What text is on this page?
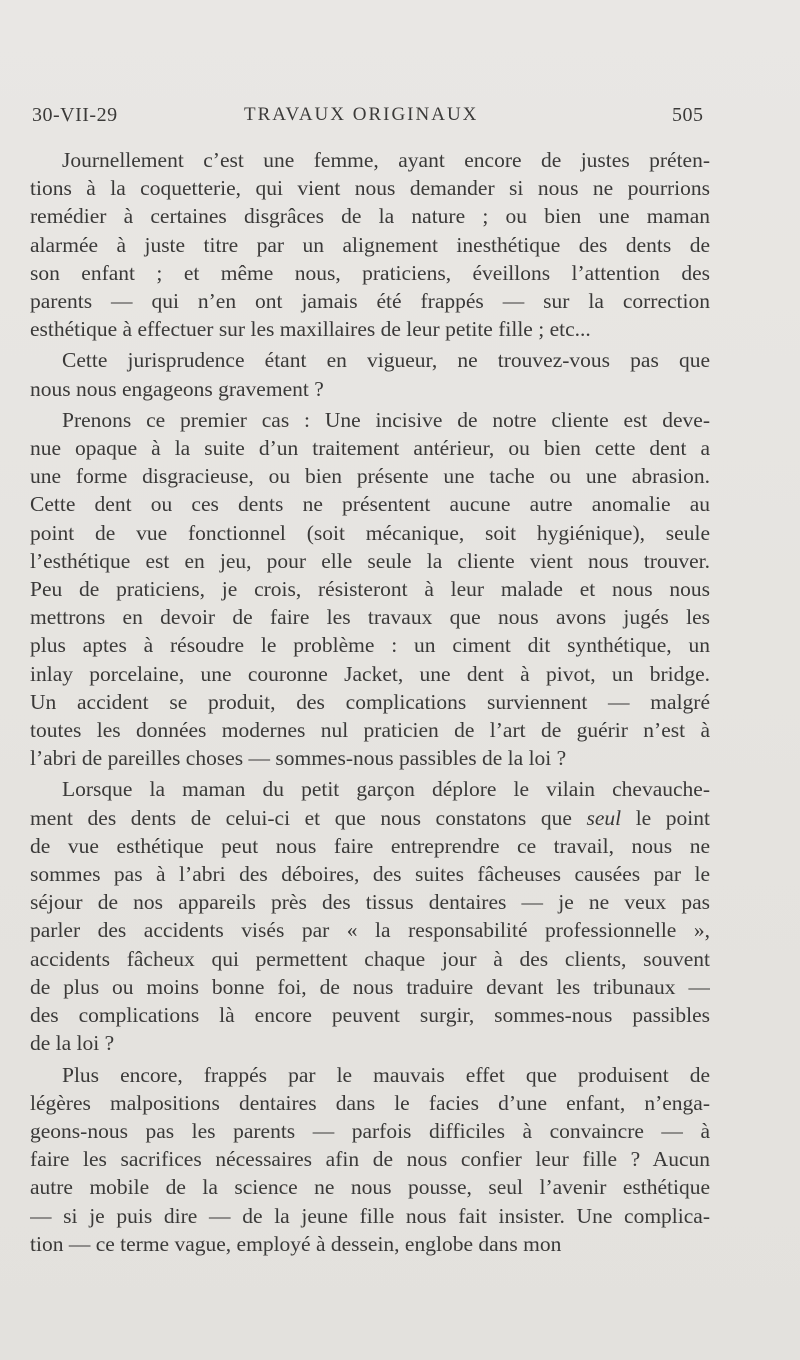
30-VII-29	TRAVAUX ORIGINAUX	505

Journellement c’est une femme, ayant encore de justes préten-
tions à la coquetterie, qui vient nous demander si nous ne pourrions
remédier à certaines disgrâces de la nature ; ou bien une maman
alarmée à juste titre par un alignement inesthétique des dents de
son enfant ; et même nous, praticiens, éveillons l’attention des
parents — qui n’en ont jamais été frappés — sur la correction
esthétique à effectuer sur les maxillaires de leur petite fille ; etc...

Cette jurisprudence étant en vigueur, ne trouvez-vous pas que
nous nous engageons gravement ?

Prenons ce premier cas : Une incisive de notre cliente est deve-
nue opaque à la suite d’un traitement antérieur, ou bien cette dent a
une forme disgracieuse, ou bien présente une tache ou une abrasion.
Cette dent ou ces dents ne présentent aucune autre anomalie au
point de vue fonctionnel (soit mécanique, soit hygiénique), seule
l’esthétique est en jeu, pour elle seule la cliente vient nous trouver.
Peu de praticiens, je crois, résisteront à leur malade et nous nous
mettrons en devoir de faire les travaux que nous avons jugés les
plus aptes à résoudre le problème : un ciment dit synthétique, un
inlay porcelaine, une couronne Jacket, une dent à pivot, un bridge.
Un accident se produit, des complications surviennent — malgré
toutes les données modernes nul praticien de l’art de guérir n’est à
l’abri de pareilles choses — sommes-nous passibles de la loi ?

Lorsque la maman du petit garçon déplore le vilain chevauche-
ment des dents de celui-ci et que nous constatons que seul le point
de vue esthétique peut nous faire entreprendre ce travail, nous ne
sommes pas à l’abri des déboires, des suites fâcheuses causées par le
séjour de nos appareils près des tissus dentaires — je ne veux pas
parler des accidents visés par « la responsabilité professionnelle »,
accidents fâcheux qui permettent chaque jour à des clients, souvent
de plus ou moins bonne foi, de nous traduire devant les tribunaux —
des complications là encore peuvent surgir, sommes-nous passibles
de la loi ?

Plus encore, frappés par le mauvais effet que produisent de
légères malpositions dentaires dans le facies d’une enfant, n’enga-
geons-nous pas les parents — parfois difficiles à convaincre — à
faire les sacrifices nécessaires afin de nous confier leur fille ? Aucun
autre mobile de la science ne nous pousse, seul l’avenir esthétique
— si je puis dire — de la jeune fille nous fait insister. Une complica-
tion — ce terme vague, employé à dessein, englobe dans mon
